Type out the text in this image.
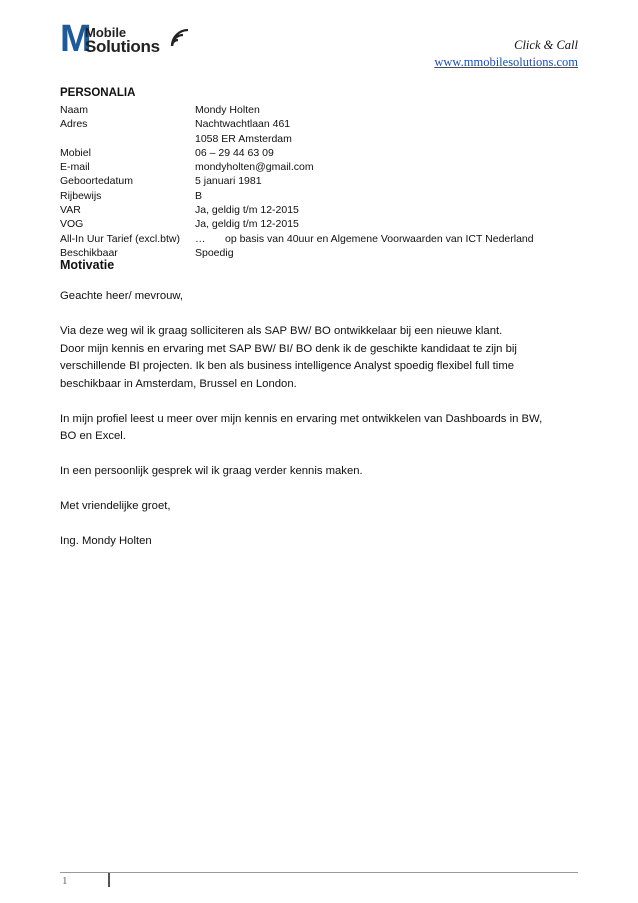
M
Mobile
Solutions	Click & Call
www.mmobilesolutions.com
PERSONALIA
Naam	Mondy Holten
Adres	Nachtwachtlaan 461
1058 ER Amsterdam
Mobiel	06 – 29 44 63 09
E-mail	mondyholten@gmail.com
Geboortedatum	5 januari 1981
Rijbewijs	B
VAR	Ja, geldig t/m 12-2015
VOG	Ja, geldig t/m 12-2015
All-In Uur Tarief (excl.btw) … op basis van 40uur en Algemene Voorwaarden van ICT Nederland
Beschikbaar	Spoedig
Motivatie

Geachte heer/ mevrouw,

Via deze weg wil ik graag solliciteren als SAP BW/ BO ontwikkelaar bij een nieuwe klant.
Door mijn kennis en ervaring met SAP BW/ BI/ BO denk ik de geschikte kandidaat te zijn bij
verschillende BI projecten. Ik ben als business intelligence Analyst spoedig flexibel full time
beschikbaar in Amsterdam, Brussel en London.

In mijn profiel leest u meer over mijn kennis en ervaring met ontwikkelen van Dashboards in BW,
BO en Excel.

In een persoonlijk gesprek wil ik graag verder kennis maken.

Met vriendelijke groet,

Ing. Mondy Holten

1
